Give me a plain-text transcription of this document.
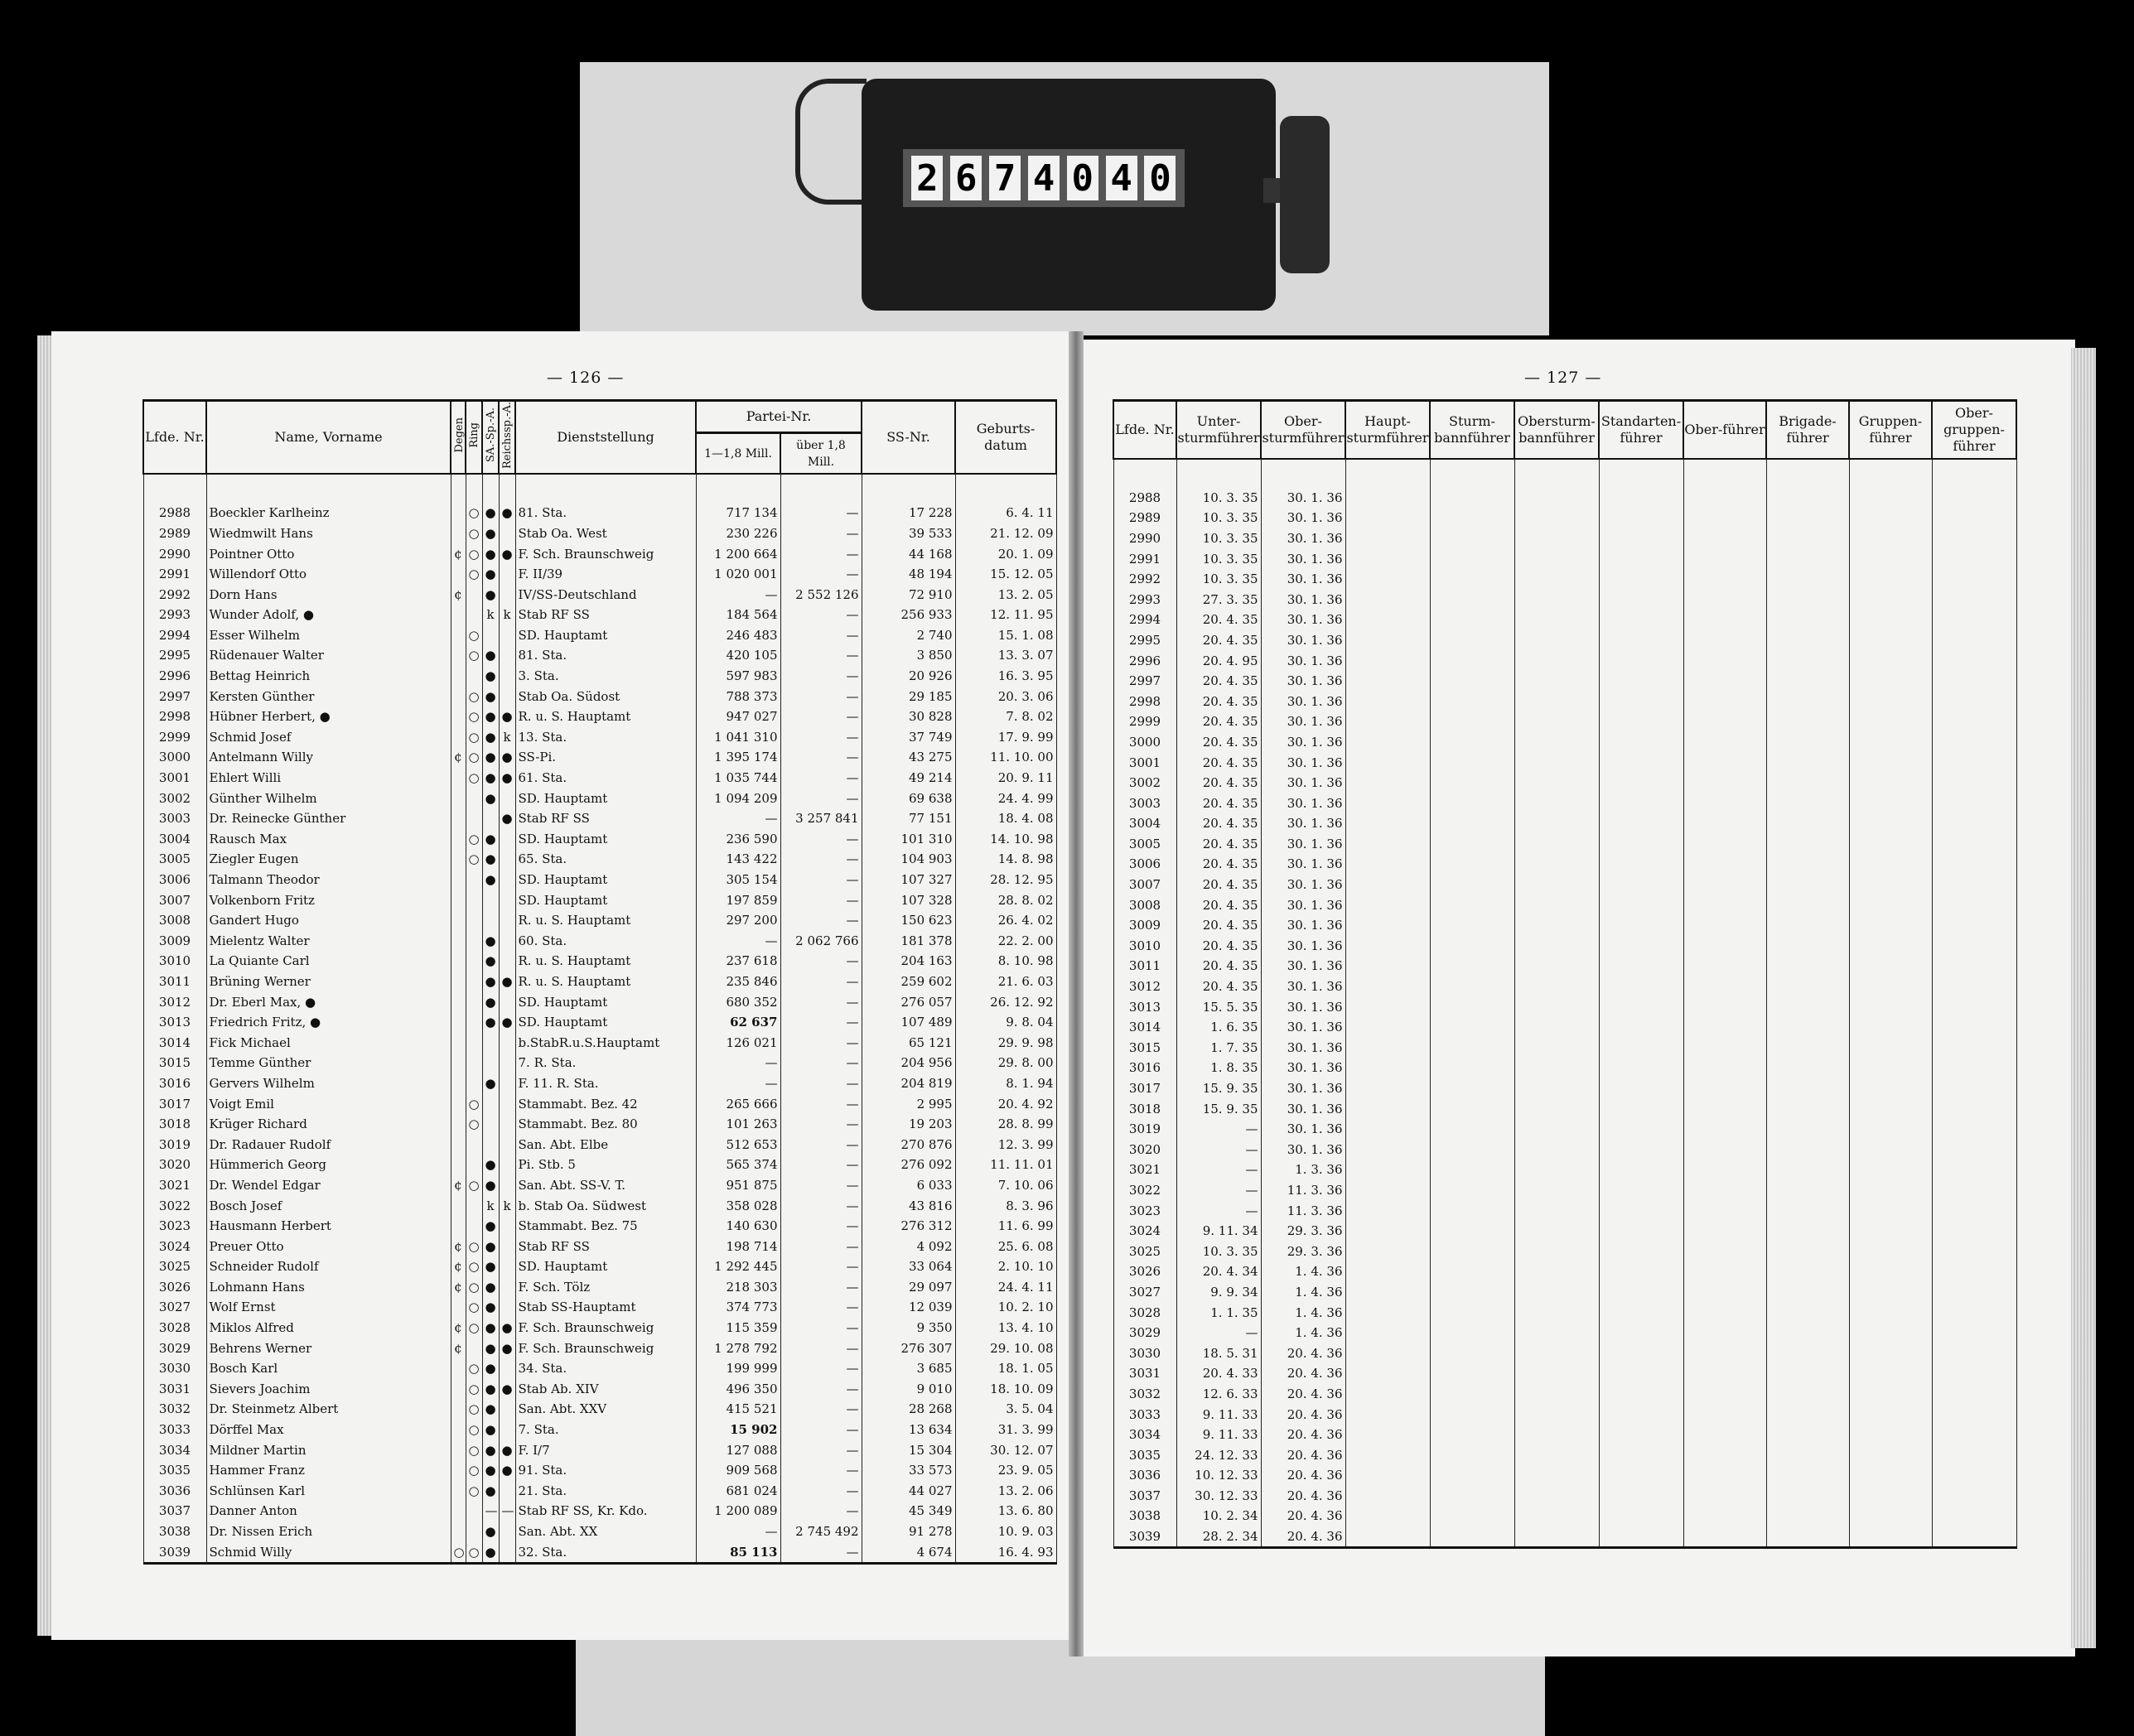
2 6 7 4 0 4 0
— 126 —	— 127 —
Lfde. Nr.	Name, Vorname	Degen	Ring	SA.-Sp.-A.	Reichssp.-A.	Dienststellung	Partei-Nr.		SS-Nr.	Geburts-datum
							1—1,8 Mill.	über 1,8 Mill.		
2988	Boeckler Karlheinz		○	●	●	81. Sta.	717 134	—	17 228	6. 4. 11
2989	Wiedmwilt Hans		○	●		Stab Oa. West	230 226	—	39 533	21. 12. 09
2990	Pointner Otto	¢	○	●	●	F. Sch. Braunschweig	1 200 664	—	44 168	20. 1. 09
2991	Willendorf Otto		○	●		F. II/39	1 020 001	—	48 194	15. 12. 05
2992	Dorn Hans	¢		●		IV/SS-Deutschland	—	2 552 126	72 910	13. 2. 05
2993	Wunder Adolf, ●			k	k	Stab RF SS	184 564	—	256 933	12. 11. 95
2994	Esser Wilhelm		○			SD. Hauptamt	246 483	—	2 740	15. 1. 08
2995	Rüdenauer Walter		○	●		81. Sta.	420 105	—	3 850	13. 3. 07
2996	Bettag Heinrich			●		3. Sta.	597 983	—	20 926	16. 3. 95
2997	Kersten Günther		○	●		Stab Oa. Südost	788 373	—	29 185	20. 3. 06
2998	Hübner Herbert, ●		○	●	●	R. u. S. Hauptamt	947 027	—	30 828	7. 8. 02
2999	Schmid Josef		○	●	k	13. Sta.	1 041 310	—	37 749	17. 9. 99
3000	Antelmann Willy	¢	○	●	●	SS-Pi.	1 395 174	—	43 275	11. 10. 00
3001	Ehlert Willi		○	●	●	61. Sta.	1 035 744	—	49 214	20. 9. 11
3002	Günther Wilhelm			●		SD. Hauptamt	1 094 209	—	69 638	24. 4. 99
3003	Dr. Reinecke Günther				●	Stab RF SS	—	3 257 841	77 151	18. 4. 08
3004	Rausch Max		○	●		SD. Hauptamt	236 590	—	101 310	14. 10. 98
3005	Ziegler Eugen		○	●		65. Sta.	143 422	—	104 903	14. 8. 98
3006	Talmann Theodor			●		SD. Hauptamt	305 154	—	107 327	28. 12. 95
3007	Volkenborn Fritz					SD. Hauptamt	197 859	—	107 328	28. 8. 02
3008	Gandert Hugo					R. u. S. Hauptamt	297 200	—	150 623	26. 4. 02
3009	Mielentz Walter			●		60. Sta.	—	2 062 766	181 378	22. 2. 00
3010	La Quiante Carl			●		R. u. S. Hauptamt	237 618	—	204 163	8. 10. 98
3011	Brüning Werner			●	●	R. u. S. Hauptamt	235 846	—	259 602	21. 6. 03
3012	Dr. Eberl Max, ●			●		SD. Hauptamt	680 352	—	276 057	26. 12. 92
3013	Friedrich Fritz, ●			●	●	SD. Hauptamt	62 637	—	107 489	9. 8. 04
3014	Fick Michael					b.StabR.u.S.Hauptamt	126 021	—	65 121	29. 9. 98
3015	Temme Günther					7. R. Sta.	—	—	204 956	29. 8. 00
3016	Gervers Wilhelm			●		F. 11. R. Sta.	—	—	204 819	8. 1. 94
3017	Voigt Emil		○			Stammabt. Bez. 42	265 666	—	2 995	20. 4. 92
3018	Krüger Richard		○			Stammabt. Bez. 80	101 263	—	19 203	28. 8. 99
3019	Dr. Radauer Rudolf					San. Abt. Elbe	512 653	—	270 876	12. 3. 99
3020	Hümmerich Georg			●		Pi. Stb. 5	565 374	—	276 092	11. 11. 01
3021	Dr. Wendel Edgar	¢	○	●		San. Abt. SS-V. T.	951 875	—	6 033	7. 10. 06
3022	Bosch Josef			k	k	b. Stab Oa. Südwest	358 028	—	43 816	8. 3. 96
3023	Hausmann Herbert			●		Stammabt. Bez. 75	140 630	—	276 312	11. 6. 99
3024	Preuer Otto	¢	○	●		Stab RF SS	198 714	—	4 092	25. 6. 08
3025	Schneider Rudolf	¢	○	●		SD. Hauptamt	1 292 445	—	33 064	2. 10. 10
3026	Lohmann Hans	¢	○	●		F. Sch. Tölz	218 303	—	29 097	24. 4. 11
3027	Wolf Ernst		○	●		Stab SS-Hauptamt	374 773	—	12 039	10. 2. 10
3028	Miklos Alfred	¢	○	●	●	F. Sch. Braunschweig	115 359	—	9 350	13. 4. 10
3029	Behrens Werner	¢		●	●	F. Sch. Braunschweig	1 278 792	—	276 307	29. 10. 08
3030	Bosch Karl		○	●		34. Sta.	199 999	—	3 685	18. 1. 05
3031	Sievers Joachim		○	●	●	Stab Ab. XIV	496 350	—	9 010	18. 10. 09
3032	Dr. Steinmetz Albert		○	●		San. Abt. XXV	415 521	—	28 268	3. 5. 04
3033	Dörffel Max		○	●		7. Sta.	15 902	—	13 634	31. 3. 99
3034	Mildner Martin		○	●	●	F. I/7	127 088	—	15 304	30. 12. 07
3035	Hammer Franz		○	●	●	91. Sta.	909 568	—	33 573	23. 9. 05
3036	Schlünsen Karl		○	●		21. Sta.	681 024	—	44 027	13. 2. 06
3037	Danner Anton			—	—	Stab RF SS, Kr. Kdo.	1 200 089	—	45 349	13. 6. 80
3038	Dr. Nissen Erich			●		San. Abt. XX	—	2 745 492	91 278	10. 9. 03
3039	Schmid Willy	○	○	●		32. Sta.	85 113	—	4 674	16. 4. 93
Lfde. Nr.	Unter-sturmführer	Ober-sturmführer	Haupt-sturmführer	Sturm-bannführer	Obersturm-bannführer	Standarten-führer	Ober-führer	Brigade-führer	Gruppen-führer	Ober-gruppen-führer
2988	10. 3. 35	30. 1. 36								
2989	10. 3. 35	30. 1. 36								
2990	10. 3. 35	30. 1. 36								
2991	10. 3. 35	30. 1. 36								
2992	10. 3. 35	30. 1. 36								
2993	27. 3. 35	30. 1. 36								
2994	20. 4. 35	30. 1. 36								
2995	20. 4. 35	30. 1. 36								
2996	20. 4. 95	30. 1. 36								
2997	20. 4. 35	30. 1. 36								
2998	20. 4. 35	30. 1. 36								
2999	20. 4. 35	30. 1. 36								
3000	20. 4. 35	30. 1. 36								
3001	20. 4. 35	30. 1. 36								
3002	20. 4. 35	30. 1. 36								
3003	20. 4. 35	30. 1. 36								
3004	20. 4. 35	30. 1. 36								
3005	20. 4. 35	30. 1. 36								
3006	20. 4. 35	30. 1. 36								
3007	20. 4. 35	30. 1. 36								
3008	20. 4. 35	30. 1. 36								
3009	20. 4. 35	30. 1. 36								
3010	20. 4. 35	30. 1. 36								
3011	20. 4. 35	30. 1. 36								
3012	20. 4. 35	30. 1. 36								
3013	15. 5. 35	30. 1. 36								
3014	1. 6. 35	30. 1. 36								
3015	1. 7. 35	30. 1. 36								
3016	1. 8. 35	30. 1. 36								
3017	15. 9. 35	30. 1. 36								
3018	15. 9. 35	30. 1. 36								
3019	—	30. 1. 36								
3020	—	30. 1. 36								
3021	—	1. 3. 36								
3022	—	11. 3. 36								
3023	—	11. 3. 36								
3024	9. 11. 34	29. 3. 36								
3025	10. 3. 35	29. 3. 36								
3026	20. 4. 34	1. 4. 36								
3027	9. 9. 34	1. 4. 36								
3028	1. 1. 35	1. 4. 36								
3029	—	1. 4. 36								
3030	18. 5. 31	20. 4. 36								
3031	20. 4. 33	20. 4. 36								
3032	12. 6. 33	20. 4. 36								
3033	9. 11. 33	20. 4. 36								
3034	9. 11. 33	20. 4. 36								
3035	24. 12. 33	20. 4. 36								
3036	10. 12. 33	20. 4. 36								
3037	30. 12. 33	20. 4. 36								
3038	10. 2. 34	20. 4. 36								
3039	28. 2. 34	20. 4. 36								
